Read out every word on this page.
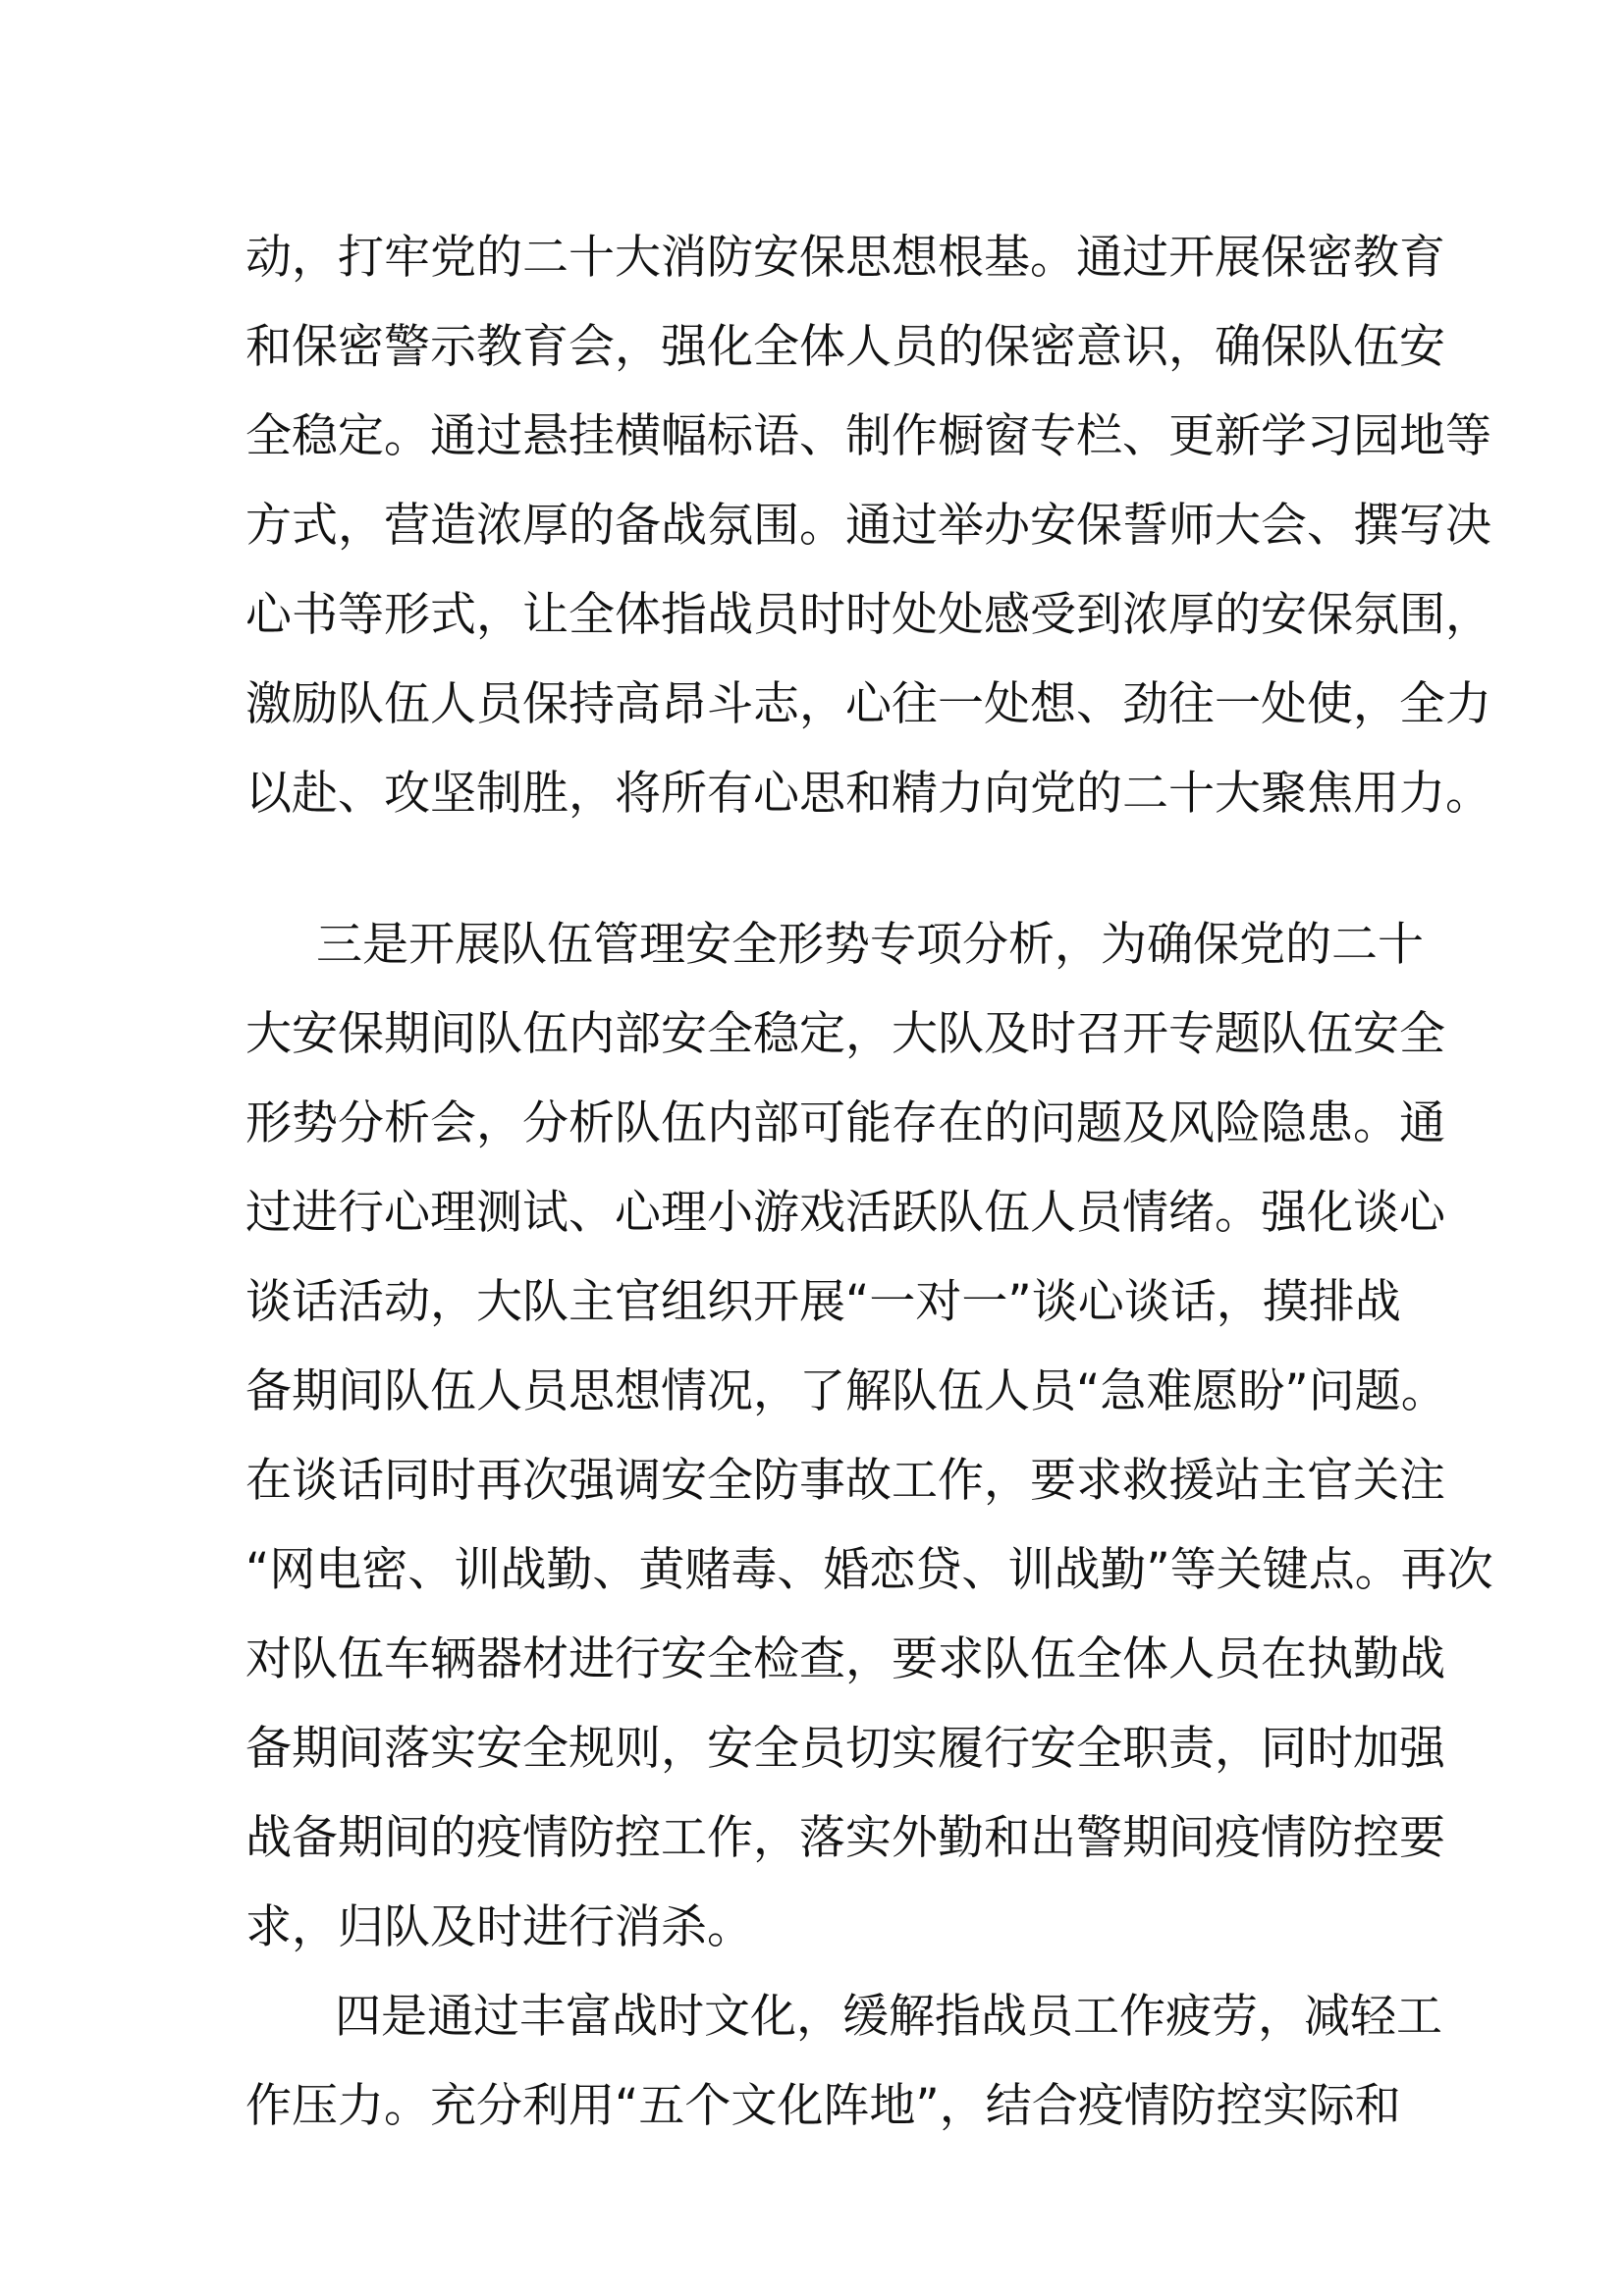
动，打牢党的二十大消防安保思想根基。通过开展保密教育
和保密警示教育会，强化全体人员的保密意识，确保队伍安
全稳定。通过悬挂横幅标语、制作橱窗专栏、更新学习园地等
方式，营造浓厚的备战氛围。通过举办安保誓师大会、撰写决
心书等形式，让全体指战员时时处处感受到浓厚的安保氛围，
激励队伍人员保持高昂斗志，心往一处想、劲往一处使，全力
以赴、攻坚制胜，将所有心思和精力向党的二十大聚焦用力。
三是开展队伍管理安全形势专项分析，为确保党的二十
大安保期间队伍内部安全稳定，大队及时召开专题队伍安全
形势分析会，分析队伍内部可能存在的问题及风险隐患。通
过进行心理测试、心理小游戏活跃队伍人员情绪。强化谈心
谈话活动，大队主官组织开展“一对一”谈心谈话，摸排战
备期间队伍人员思想情况，了解队伍人员“急难愿盼”问题。
在谈话同时再次强调安全防事故工作，要求救援站主官关注
“网电密、训战勤、黄赌毒、婚恋贷、训战勤”等关键点。再次
对队伍车辆器材进行安全检查，要求队伍全体人员在执勤战
备期间落实安全规则，安全员切实履行安全职责，同时加强
战备期间的疫情防控工作，落实外勤和出警期间疫情防控要
求，归队及时进行消杀。
四是通过丰富战时文化，缓解指战员工作疲劳，减轻工
作压力。充分利用“五个文化阵地”，结合疫情防控实际和
